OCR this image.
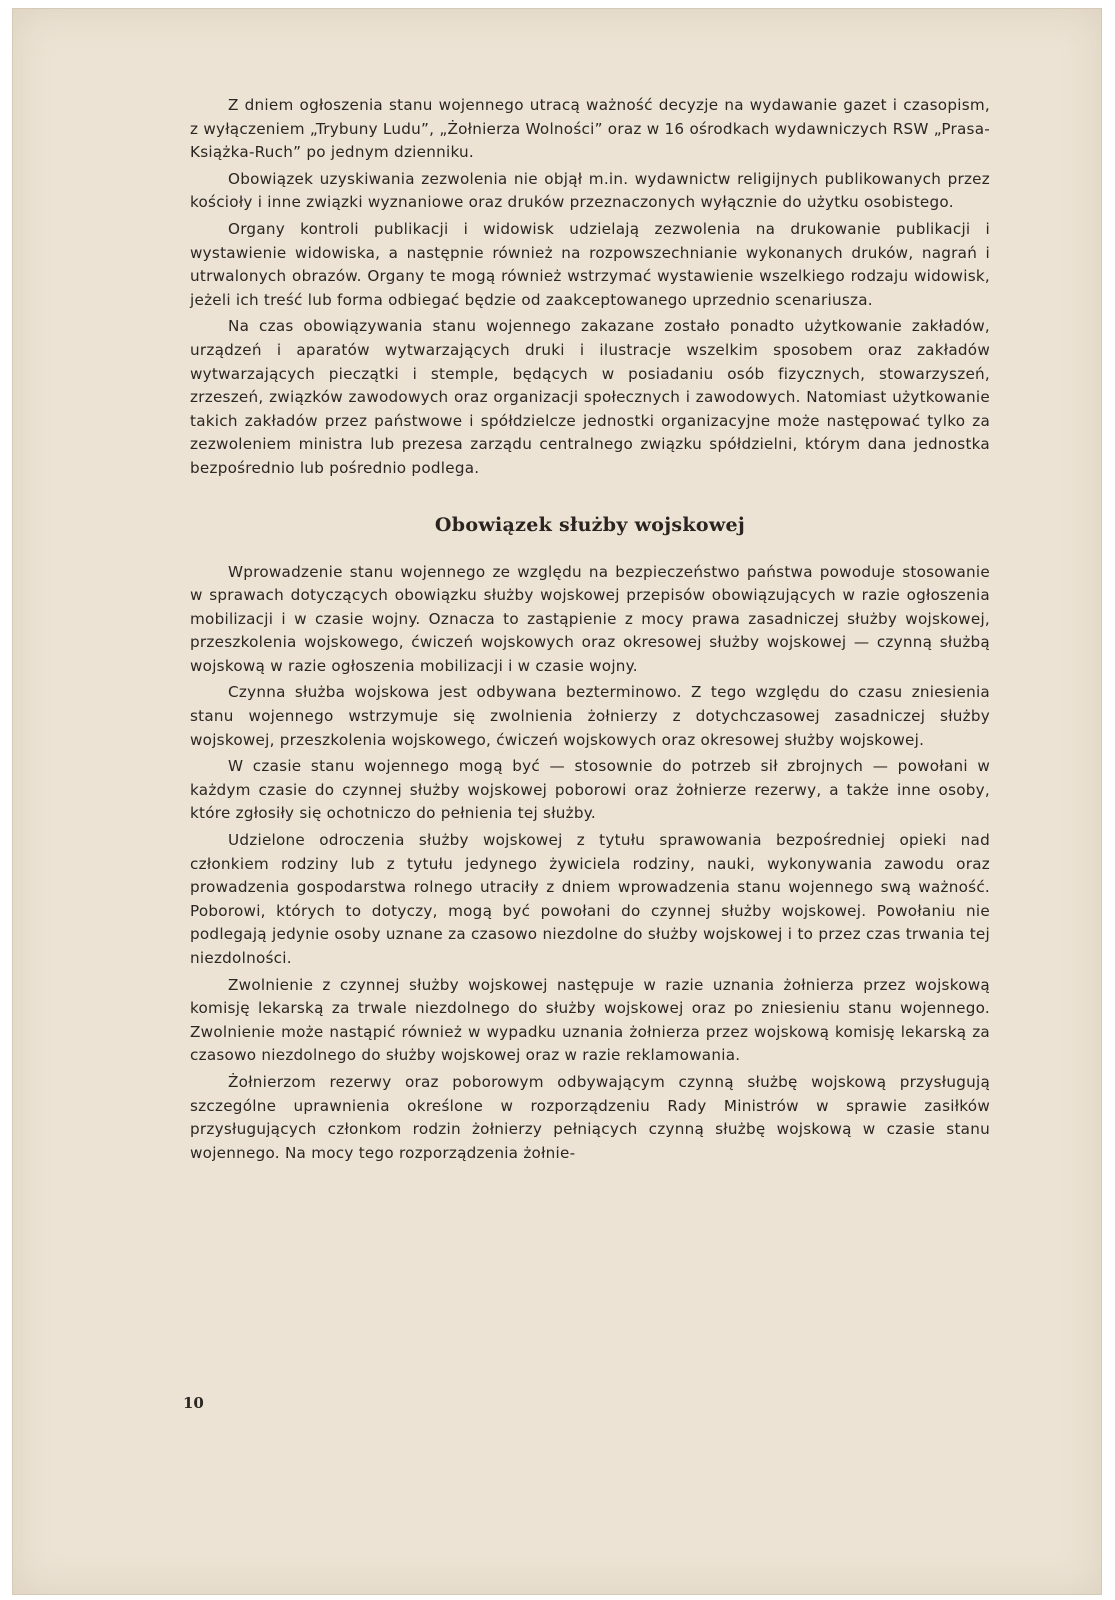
Z dniem ogłoszenia stanu wojennego utracą ważność decyzje na wydawanie gazet i czasopism, z wyłączeniem „Trybuny Ludu”, „Żołnierza Wolności” oraz w 16 ośrodkach wydawniczych RSW „Prasa-Książka-Ruch” po jednym dzienniku.

Obowiązek uzyskiwania zezwolenia nie objął m.in. wydawnictw religijnych publikowanych przez kościoły i inne związki wyznaniowe oraz druków przeznaczonych wyłącznie do użytku osobistego.

Organy kontroli publikacji i widowisk udzielają zezwolenia na drukowanie publikacji i wystawienie widowiska, a następnie również na rozpowszechnianie wykonanych druków, nagrań i utrwalonych obrazów. Organy te mogą również wstrzymać wystawienie wszelkiego rodzaju widowisk, jeżeli ich treść lub forma odbiegać będzie od zaakceptowanego uprzednio scenariusza.

Na czas obowiązywania stanu wojennego zakazane zostało ponadto użytkowanie zakładów, urządzeń i aparatów wytwarzających druki i ilustracje wszelkim sposobem oraz zakładów wytwarzających pieczątki i stemple, będących w posiadaniu osób fizycznych, stowarzyszeń, zrzeszeń, związków zawodowych oraz organizacji społecznych i zawodowych. Natomiast użytkowanie takich zakładów przez państwowe i spółdzielcze jednostki organizacyjne może następować tylko za zezwoleniem ministra lub prezesa zarządu centralnego związku spółdzielni, którym dana jednostka bezpośrednio lub pośrednio podlega.

Obowiązek służby wojskowej

Wprowadzenie stanu wojennego ze względu na bezpieczeństwo państwa powoduje stosowanie w sprawach dotyczących obowiązku służby wojskowej przepisów obowiązujących w razie ogłoszenia mobilizacji i w czasie wojny. Oznacza to zastąpienie z mocy prawa zasadniczej służby wojskowej, przeszkolenia wojskowego, ćwiczeń wojskowych oraz okresowej służby wojskowej — czynną służbą wojskową w razie ogłoszenia mobilizacji i w czasie wojny.

Czynna służba wojskowa jest odbywana bezterminowo. Z tego względu do czasu zniesienia stanu wojennego wstrzymuje się zwolnienia żołnierzy z dotychczasowej zasadniczej służby wojskowej, przeszkolenia wojskowego, ćwiczeń wojskowych oraz okresowej służby wojskowej.

W czasie stanu wojennego mogą być — stosownie do potrzeb sił zbrojnych — powołani w każdym czasie do czynnej służby wojskowej poborowi oraz żołnierze rezerwy, a także inne osoby, które zgłosiły się ochotniczo do pełnienia tej służby.

Udzielone odroczenia służby wojskowej z tytułu sprawowania bezpośredniej opieki nad członkiem rodziny lub z tytułu jedynego żywiciela rodziny, nauki, wykonywania zawodu oraz prowadzenia gospodarstwa rolnego utraciły z dniem wprowadzenia stanu wojennego swą ważność. Poborowi, których to dotyczy, mogą być powołani do czynnej służby wojskowej. Powołaniu nie podlegają jedynie osoby uznane za czasowo niezdolne do służby wojskowej i to przez czas trwania tej niezdolności.

Zwolnienie z czynnej służby wojskowej następuje w razie uznania żołnierza przez wojskową komisję lekarską za trwale niezdolnego do służby wojskowej oraz po zniesieniu stanu wojennego. Zwolnienie może nastąpić również w wypadku uznania żołnierza przez wojskową komisję lekarską za czasowo niezdolnego do służby wojskowej oraz w razie reklamowania.

Żołnierzom rezerwy oraz poborowym odbywającym czynną służbę wojskową przysługują szczególne uprawnienia określone w rozporządzeniu Rady Ministrów w sprawie zasiłków przysługujących członkom rodzin żołnierzy pełniących czynną służbę wojskową w czasie stanu wojennego. Na mocy tego rozporządzenia żołnie-

10
